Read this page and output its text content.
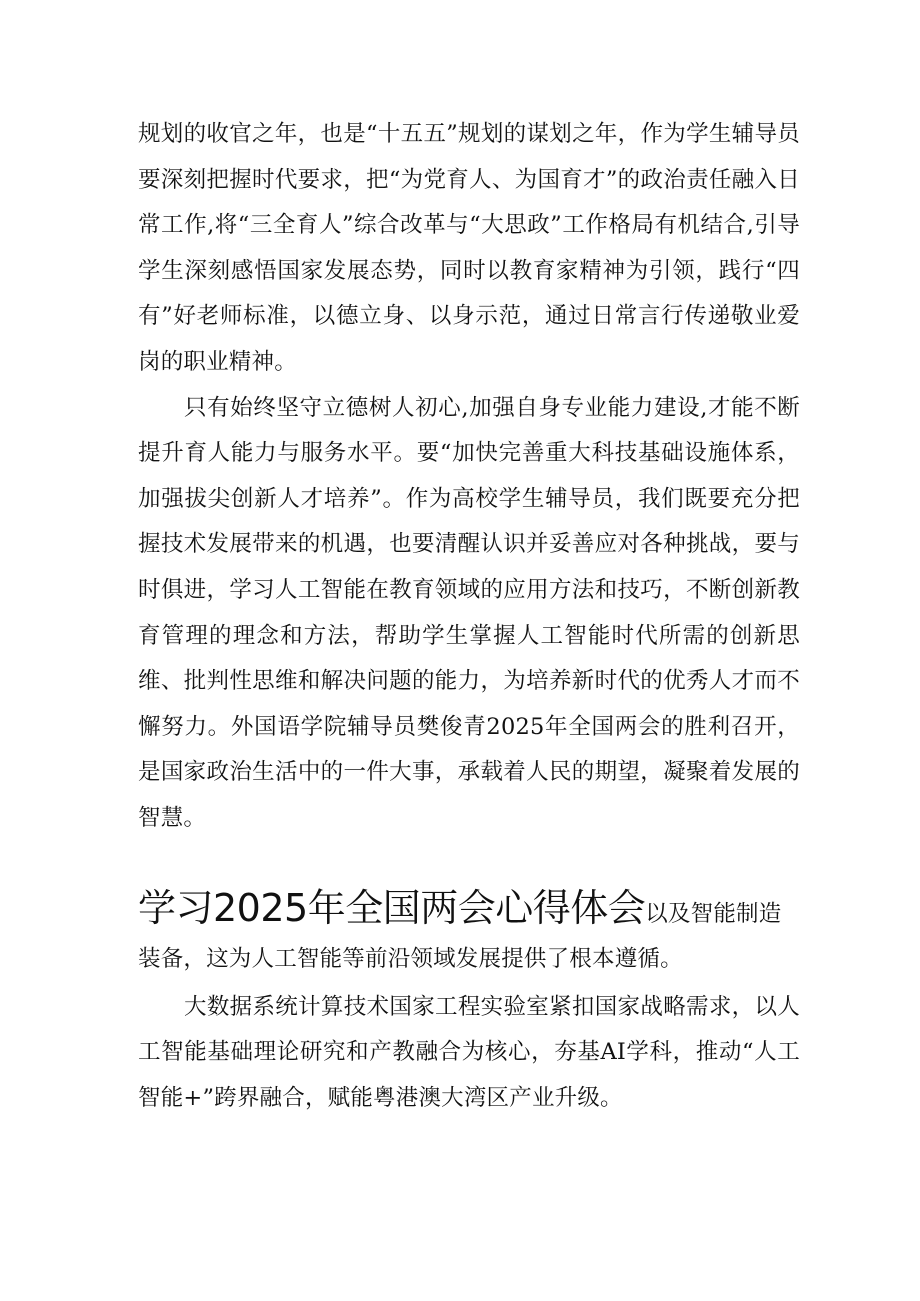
规划的收官之年，也是“十五五”规划的谋划之年，作为学生辅导员要深刻把握时代要求，把“为党育人、为国育才”的政治责任融入日常工作,将“三全育人”综合改革与“大思政”工作格局有机结合,引导学生深刻感悟国家发展态势，同时以教育家精神为引领，践行“四有”好老师标准，以德立身、以身示范，通过日常言行传递敬业爱岗的职业精神。

只有始终坚守立德树人初心,加强自身专业能力建设,才能不断提升育人能力与服务水平。要“加快完善重大科技基础设施体系，加强拔尖创新人才培养”。作为高校学生辅导员，我们既要充分把握技术发展带来的机遇，也要清醒认识并妥善应对各种挑战，要与时俱进，学习人工智能在教育领域的应用方法和技巧，不断创新教育管理的理念和方法，帮助学生掌握人工智能时代所需的创新思维、批判性思维和解决问题的能力，为培养新时代的优秀人才而不懈努力。外国语学院辅导员樊俊青2025年全国两会的胜利召开，是国家政治生活中的一件大事，承载着人民的期望，凝聚着发展的智慧。

学习2025年全国两会心得体会以及智能制造装备，这为人工智能等前沿领域发展提供了根本遵循。

大数据系统计算技术国家工程实验室紧扣国家战略需求，以人工智能基础理论研究和产教融合为核心，夯基AI学科，推动“人工智能+”跨界融合，赋能粤港澳大湾区产业升级。
